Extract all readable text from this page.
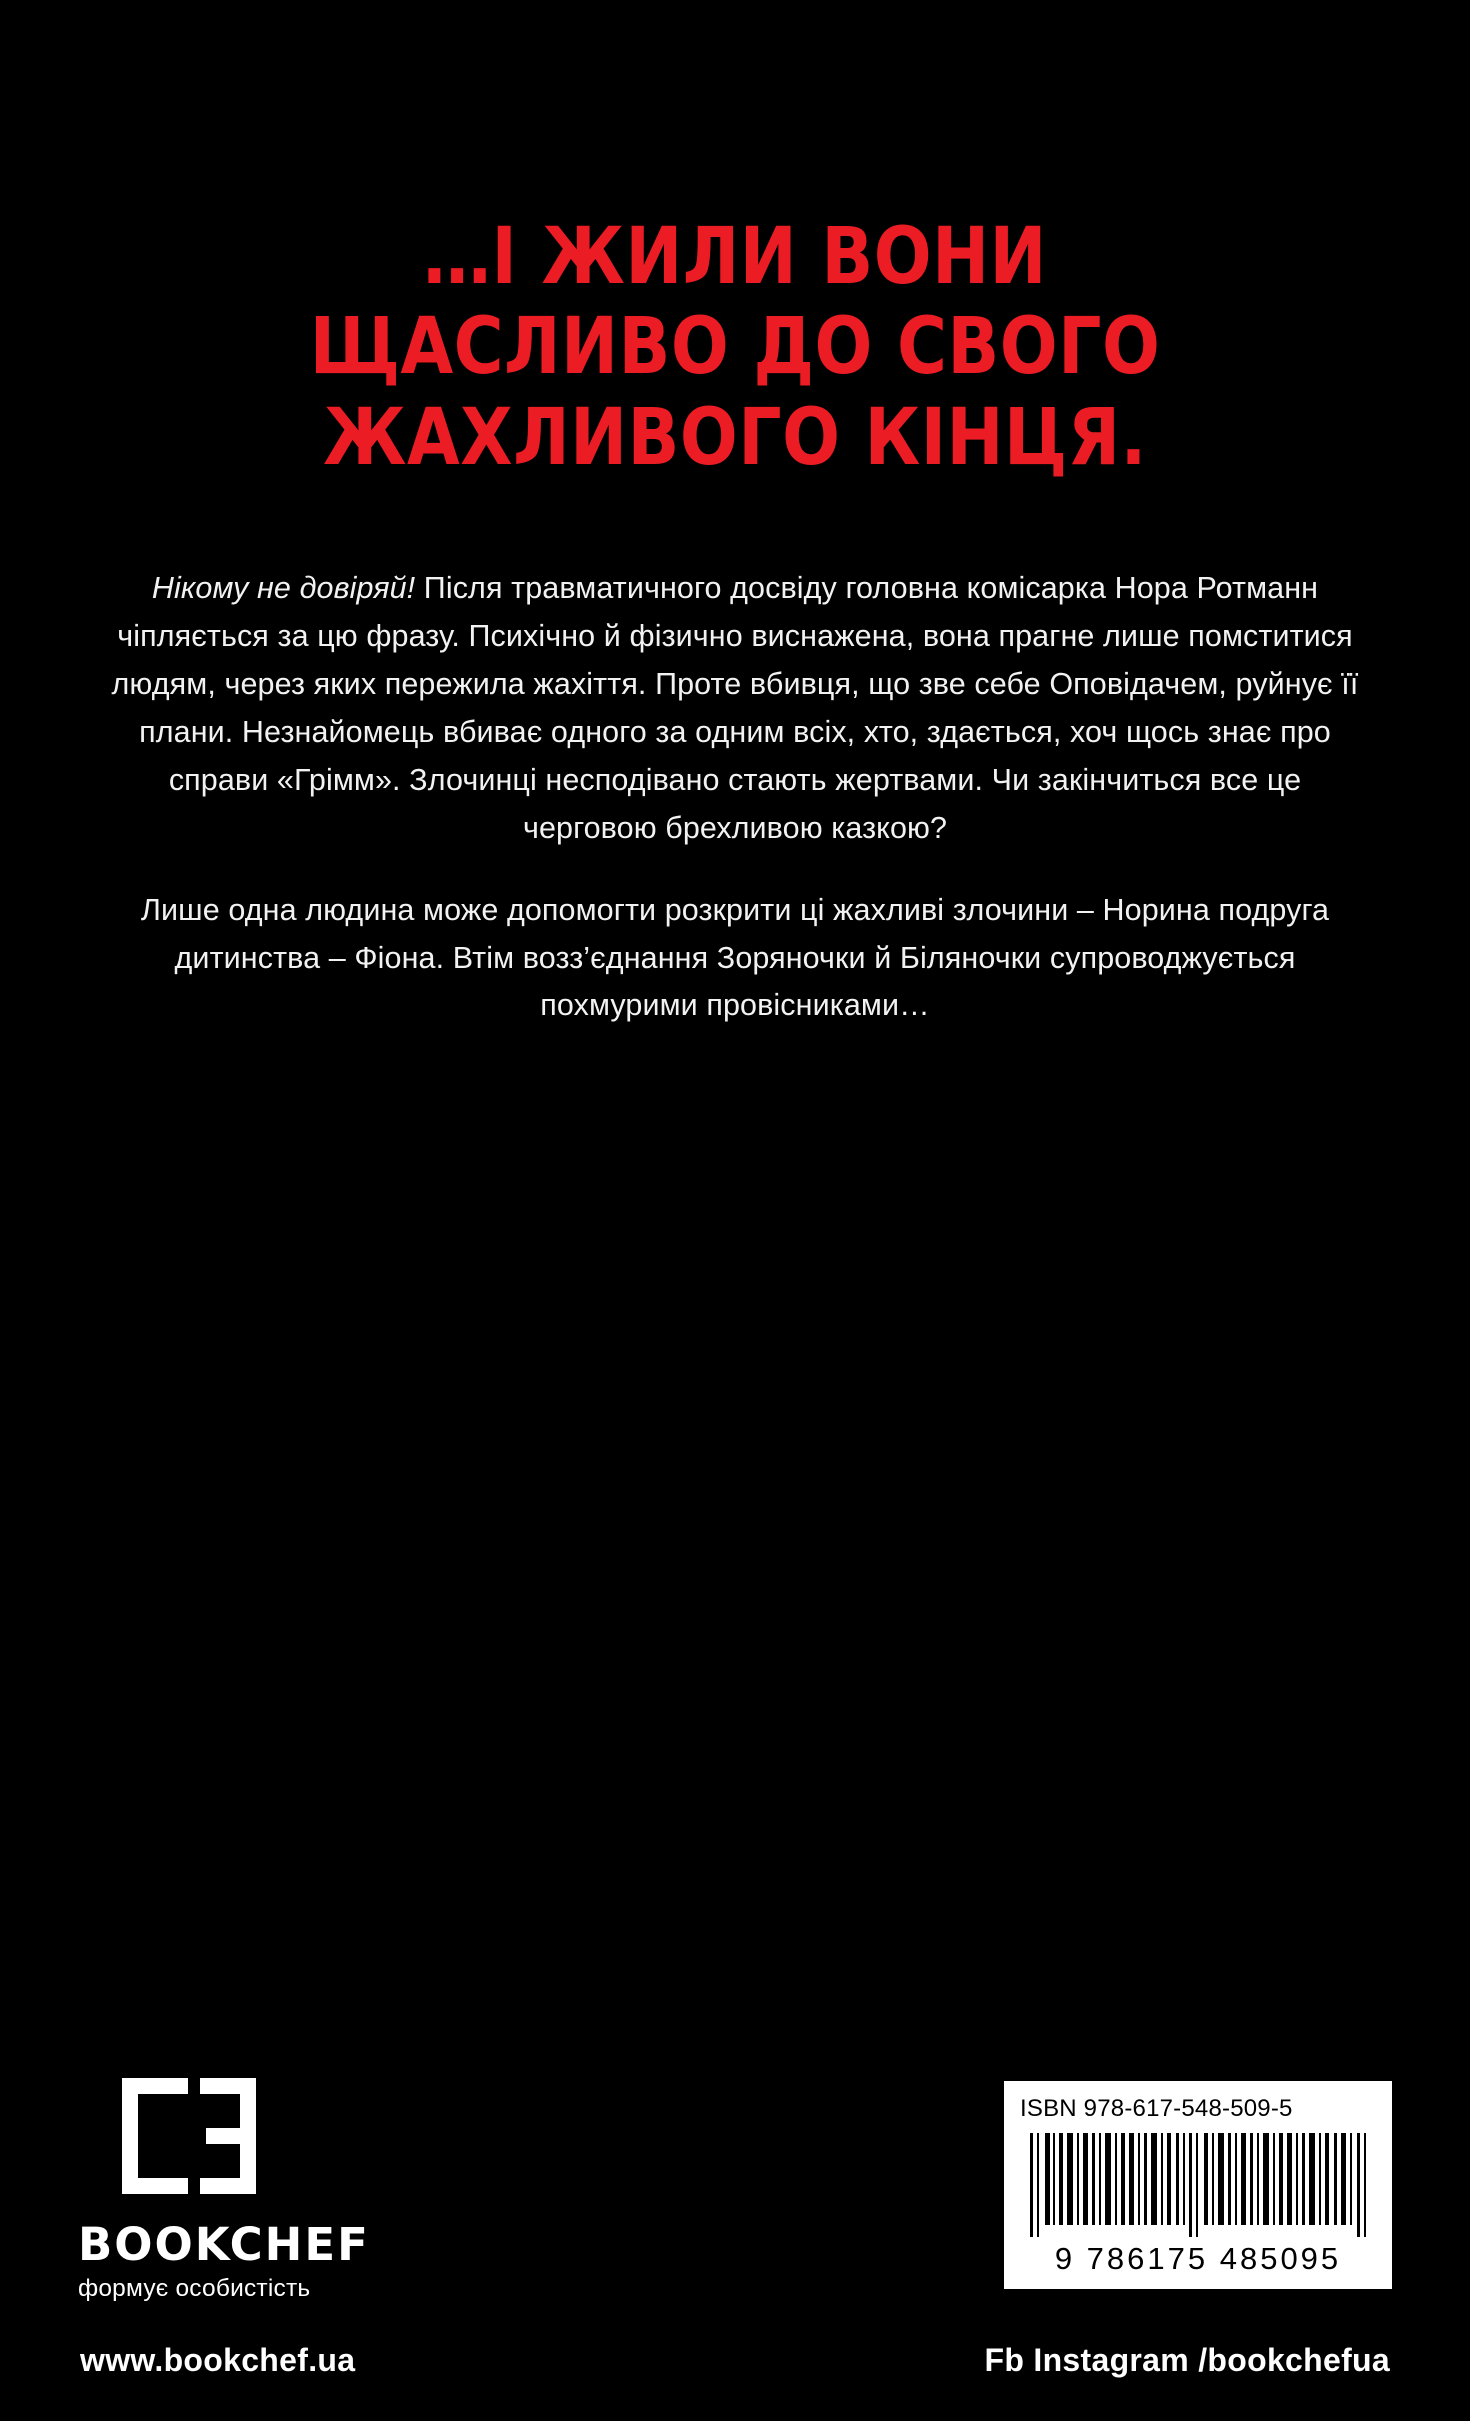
…І ЖИЛИ ВОНИ
ЩАСЛИВО ДО СВОГО
ЖАХЛИВОГО КІНЦЯ.

Нікому не довіряй! Після травматичного досвіду головна комісарка Нора Ротманн чіпляється за цю фразу. Психічно й фізично виснажена, вона прагне лише помститися людям, через яких пережила жахіття. Проте вбивця, що зве себе Оповідачем, руйнує її плани. Незнайомець вбиває одного за одним всіх, хто, здається, хоч щось знає про справи «Грімм». Злочинці несподівано стають жертвами. Чи закінчиться все це черговою брехливою казкою?

Лише одна людина може допомогти розкрити ці жахливі злочини – Норина подруга дитинства – Фіона. Втім возз’єднання Зоряночки й Біляночки супроводжується похмурими провісниками…

BOOKCHEF
формує особистість
www.bookchef.ua	Fb Instagram /bookchefua
ISBN 978-617-548-509-5
9 786175 485095
